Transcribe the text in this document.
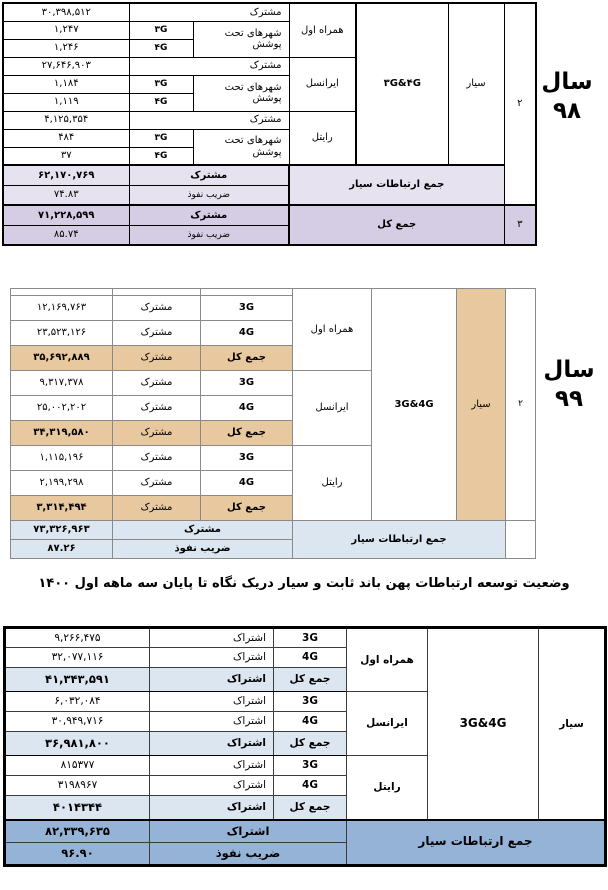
۳۰,۳۹۸,۵۱۲	مشترک		همراه اول	۳G&۴G	سیار	۲
۱,۲۴۷	۳G	شهرهای تحت پوشش				
۱,۲۴۶	۴G					
۲۷,۶۴۶,۹۰۳	مشترک		ایرانسل			
۱,۱۸۴	۳G	شهرهای تحت پوشش				
۱,۱۱۹	۴G					
۴,۱۲۵,۳۵۴	مشترک		رایتل			
۴۸۴	۳G	شهرهای تحت پوشش				
۳۷	۴G					
۶۲,۱۷۰,۷۶۹	مشترک		جمع ارتباطات سیار			
۷۴.۸۳	ضریب نفوذ					
۷۱,۲۲۸,۵۹۹	مشترک		جمع کل			۳
۸۵.۷۴	ضریب نفوذ					
سال
۹۸
			همراه اول	3G&4G	سیار	۲
۱۲,۱۶۹,۷۶۳	مشترک	3G				
۲۳,۵۲۳,۱۲۶	مشترک	4G				
۳۵,۶۹۲,۸۸۹	مشترک	جمع کل				
۹,۳۱۷,۳۷۸	مشترک	3G	ایرانسل			
۲۵,۰۰۲,۲۰۲	مشترک	4G				
۳۴,۳۱۹,۵۸۰	مشترک	جمع کل				
۱,۱۱۵,۱۹۶	مشترک	3G	رایتل			
۲,۱۹۹,۲۹۸	مشترک	4G				
۳,۳۱۴,۴۹۴	مشترک	جمع کل				
۷۳,۳۲۶,۹۶۳	مشترک		جمع ارتباطات سیار			
۸۷.۲۶	ضریب نفوذ					
سال
۹۹
وضعیت توسعه ارتباطات پهن باند ثابت و سیار دریک نگاه تا پایان سه ماهه اول ۱۴۰۰
۹,۲۶۶,۴۷۵	اشتراک	3G	همراه اول	3G&4G	سیار
۳۲,۰۷۷,۱۱۶	اشتراک	4G			
۴۱,۳۴۳,۵۹۱	اشتراک	جمع کل			
۶,۰۳۲,۰۸۴	اشتراک	3G	ایرانسل		
۳۰,۹۴۹,۷۱۶	اشتراک	4G			
۳۶,۹۸۱,۸۰۰	اشتراک	جمع کل			
۸۱۵۳۷۷	اشتراک	3G	رایتل		
۳۱۹۸۹۶۷	اشتراک	4G			
۴۰۱۴۳۴۴	اشتراک	جمع کل			
۸۲,۳۳۹,۶۳۵	اشتراک		جمع ارتباطات سیار		
۹۶.۹۰	ضریب نفوذ				
